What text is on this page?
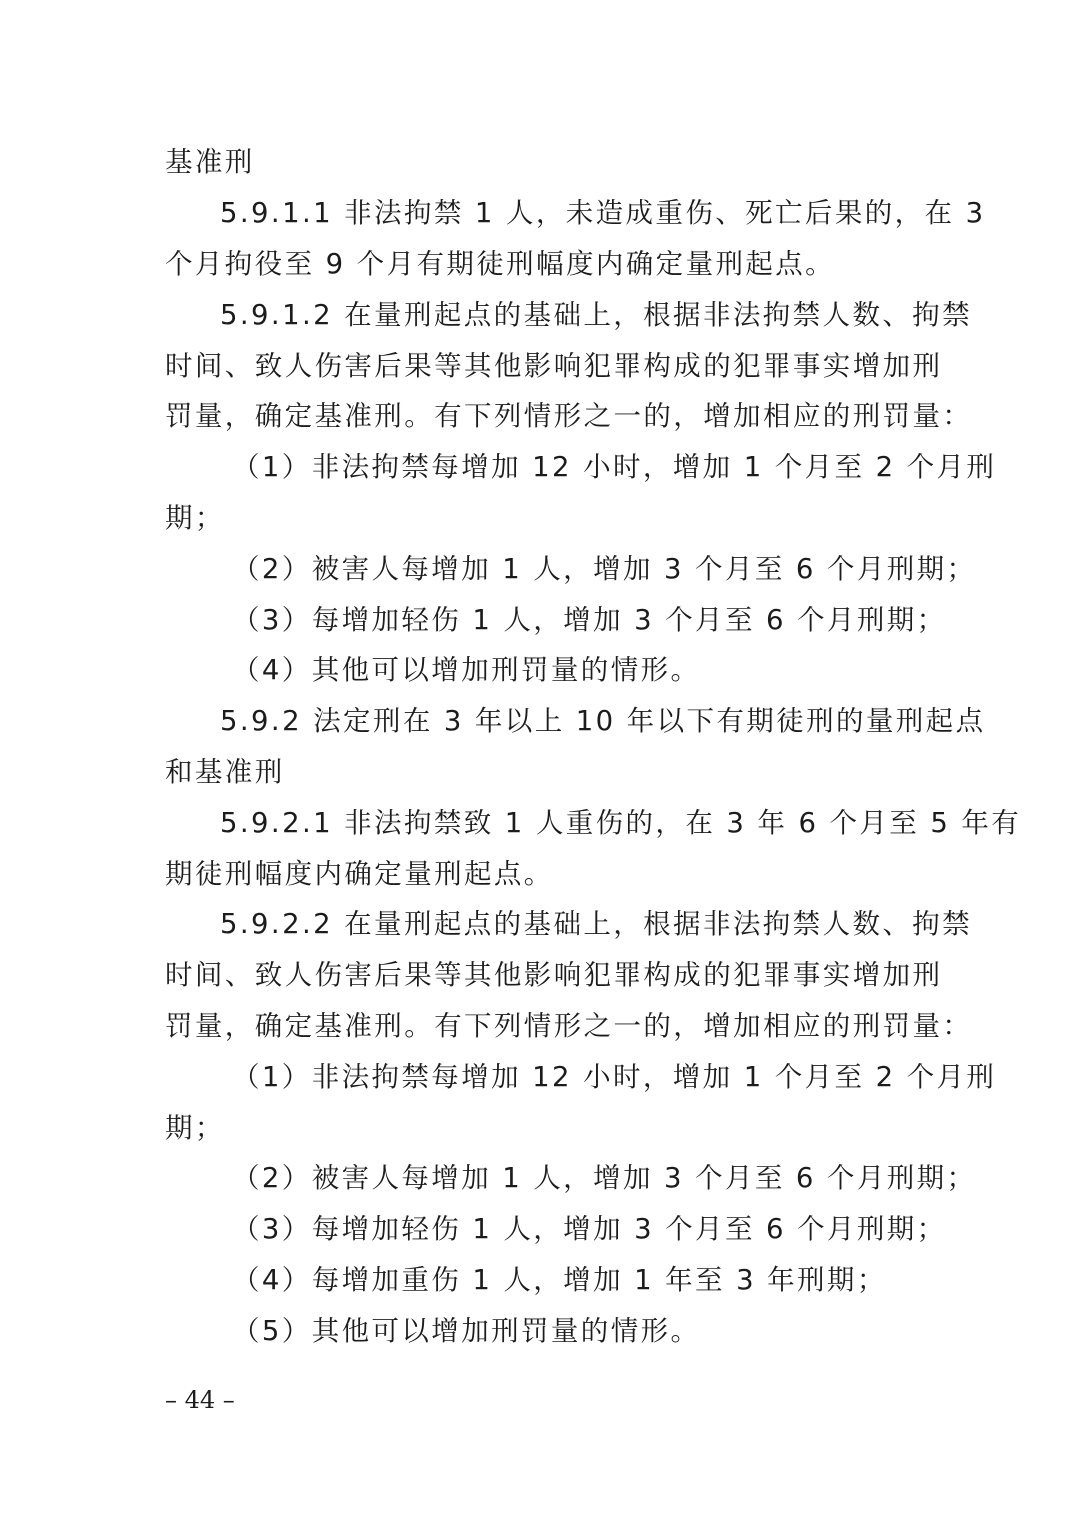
基准刑
5.9.1.1 非法拘禁 1 人，未造成重伤、死亡后果的，在 3
个月拘役至 9 个月有期徒刑幅度内确定量刑起点。
5.9.1.2 在量刑起点的基础上，根据非法拘禁人数、拘禁
时间、致人伤害后果等其他影响犯罪构成的犯罪事实增加刑
罚量，确定基准刑。有下列情形之一的，增加相应的刑罚量：
（1）非法拘禁每增加 12 小时，增加 1 个月至 2 个月刑
期；
（2）被害人每增加 1 人，增加 3 个月至 6 个月刑期；
（3）每增加轻伤 1 人，增加 3 个月至 6 个月刑期；
（4）其他可以增加刑罚量的情形。
5.9.2 法定刑在 3 年以上 10 年以下有期徒刑的量刑起点
和基准刑
5.9.2.1 非法拘禁致 1 人重伤的，在 3 年 6 个月至 5 年有
期徒刑幅度内确定量刑起点。
5.9.2.2 在量刑起点的基础上，根据非法拘禁人数、拘禁
时间、致人伤害后果等其他影响犯罪构成的犯罪事实增加刑
罚量，确定基准刑。有下列情形之一的，增加相应的刑罚量：
（1）非法拘禁每增加 12 小时，增加 1 个月至 2 个月刑
期；
（2）被害人每增加 1 人，增加 3 个月至 6 个月刑期；
（3）每增加轻伤 1 人，增加 3 个月至 6 个月刑期；
（4）每增加重伤 1 人，增加 1 年至 3 年刑期；
（5）其他可以增加刑罚量的情形。
– 44 –
